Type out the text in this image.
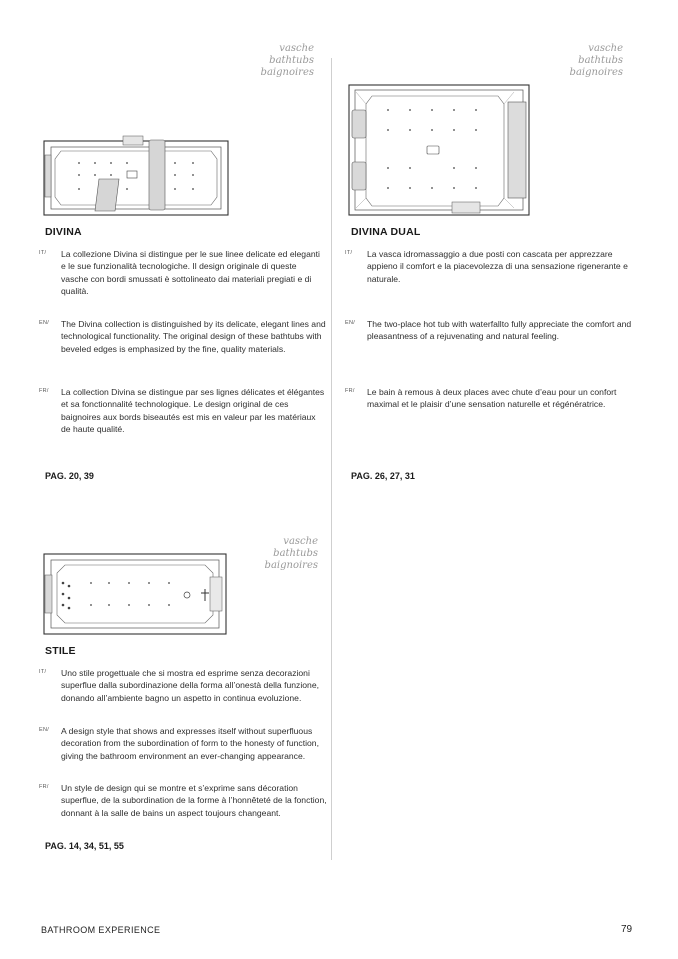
vasche
bathtubs
baignoires
DIVINA
IT/ La collezione Divina si distingue per le sue linee delicate ed eleganti e le sue funzionalità tecnologiche. Il design originale di queste vasche con bordi smussati è sottolineato dai materiali pregiati e di qualità.
EN/ The Divina collection is distinguished by its delicate, elegant lines and technological functionality. The original design of these bathtubs with beveled edges is emphasized by the fine, quality materials.
FR/ La collection Divina se distingue par ses lignes délicates et élégantes et sa fonctionnalité technologique. Le design original de ces baignoires aux bords biseautés est mis en valeur par les matériaux de haute qualité.
PAG. 20, 39
vasche
bathtubs
baignoires
DIVINA DUAL
IT/ La vasca idromassaggio a due posti con cascata per apprezzare appieno il comfort e la piacevolezza di una sensazione rigenerante e naturale.
EN/ The two-place hot tub with waterfallto fully appreciate the comfort and pleasantness of a rejuvenating and natural feeling.
FR/ Le bain à remous à deux places avec chute d’eau pour un confort maximal et le plaisir d’une sensation naturelle et régénératrice.
PAG. 26, 27, 31
vasche
bathtubs
baignoires
STILE
IT/ Uno stile progettuale che si mostra ed esprime senza decorazioni superflue dalla subordinazione della forma all’onestà della funzione, donando all’ambiente bagno un aspetto in continua evoluzione.
EN/ A design style that shows and expresses itself without superfluous decoration from the subordination of form to the honesty of function, giving the bathroom environment an ever-changing appearance.
FR/ Un style de design qui se montre et s’exprime sans décoration superflue, de la subordination de la forme à l’honnêteté de la fonction, donnant à la salle de bains un aspect toujours changeant.
PAG. 14, 34, 51, 55
BATHROOM EXPERIENCE	79
